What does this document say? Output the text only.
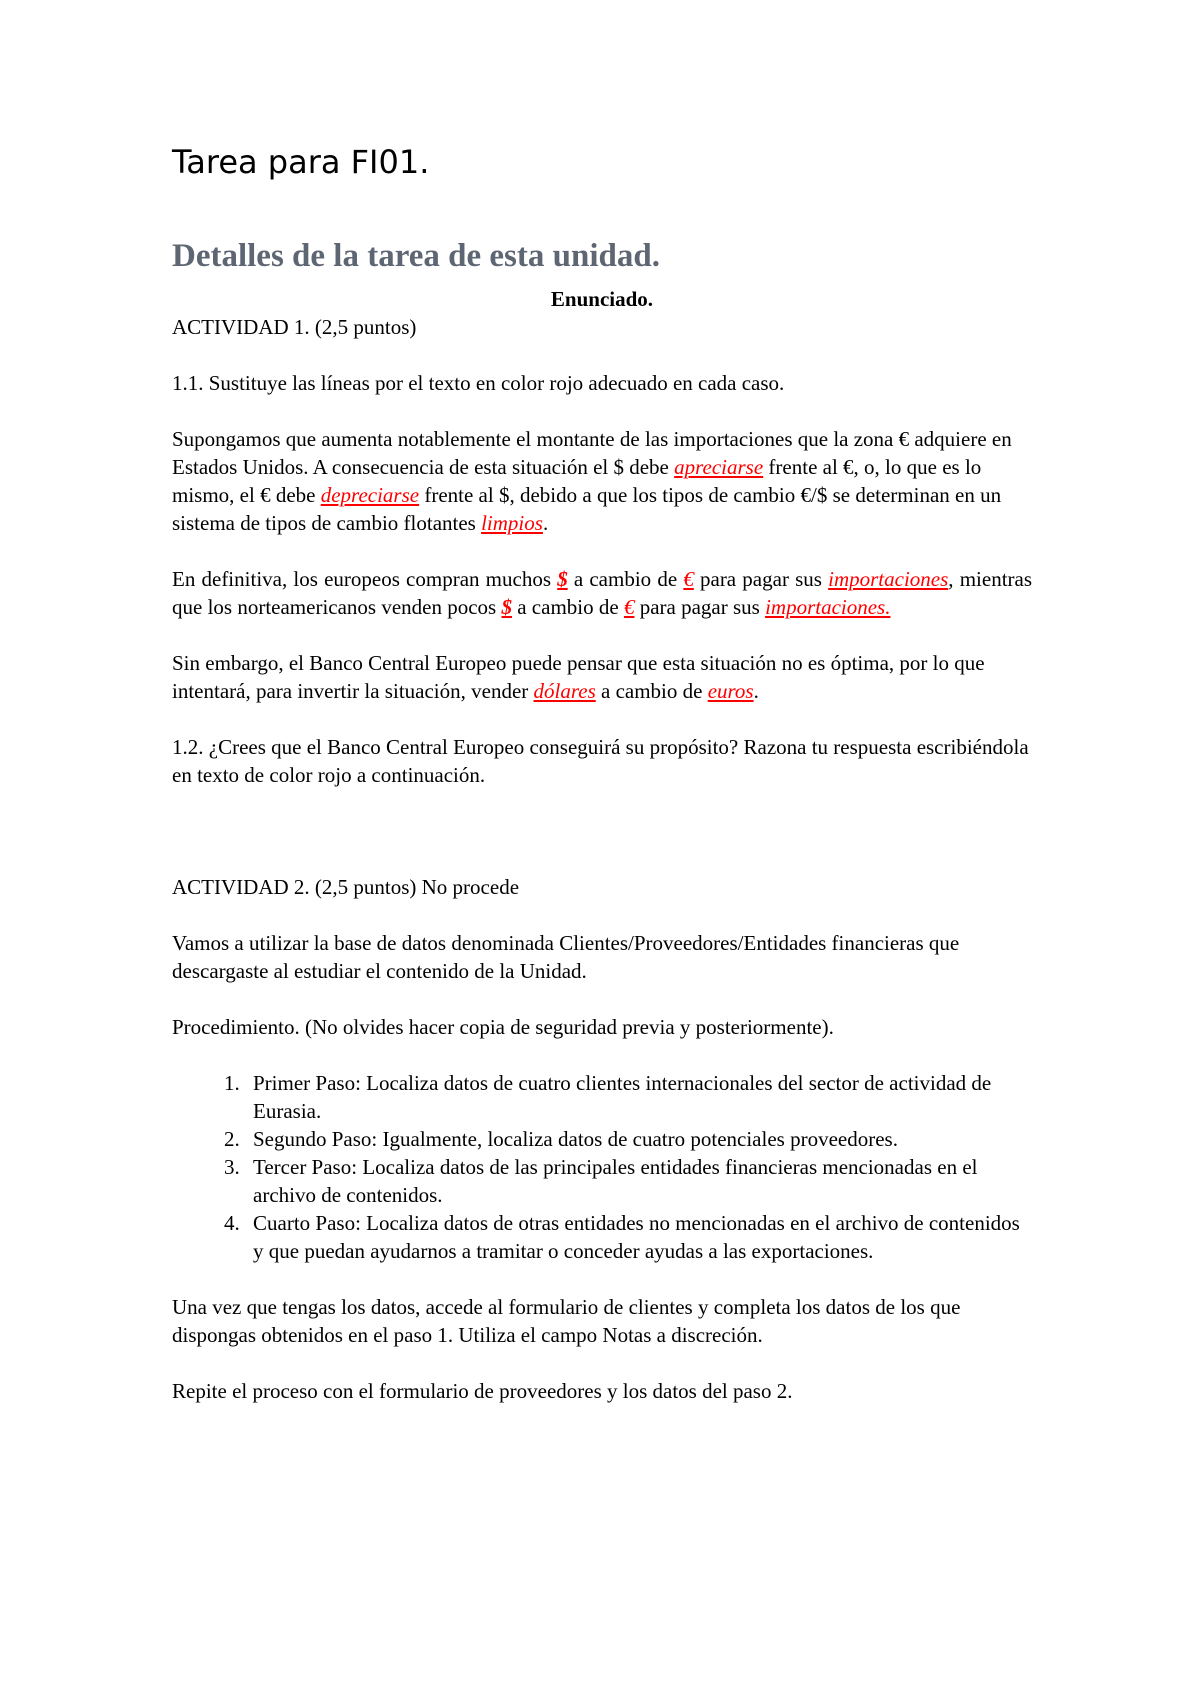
Tarea para FI01.
Detalles de la tarea de esta unidad.

Enunciado.

ACTIVIDAD 1. (2,5 puntos)

1.1. Sustituye las líneas por el texto en color rojo adecuado en cada caso.

Supongamos que aumenta notablemente el montante de las importaciones que la zona € adquiere en Estados Unidos. A consecuencia de esta situación el $ debe apreciarse frente al €, o, lo que es lo mismo, el € debe depreciarse frente al $, debido a que los tipos de cambio €/$ se determinan en un sistema de tipos de cambio flotantes limpios.

En definitiva, los europeos compran muchos $ a cambio de € para pagar sus importaciones, mientras que los norteamericanos venden pocos $ a cambio de € para pagar sus importaciones.

Sin embargo, el Banco Central Europeo puede pensar que esta situación no es óptima, por lo que intentará, para invertir la situación, vender dólares a cambio de euros.

1.2. ¿Crees que el Banco Central Europeo conseguirá su propósito? Razona tu respuesta escribiéndola en texto de color rojo a continuación.

ACTIVIDAD 2. (2,5 puntos) No procede

Vamos a utilizar la base de datos denominada Clientes/Proveedores/Entidades financieras que descargaste al estudiar el contenido de la Unidad.

Procedimiento. (No olvides hacer copia de seguridad previa y posteriormente).

1. Primer Paso: Localiza datos de cuatro clientes internacionales del sector de actividad de Eurasia.
2. Segundo Paso: Igualmente, localiza datos de cuatro potenciales proveedores.
3. Tercer Paso: Localiza datos de las principales entidades financieras mencionadas en el archivo de contenidos.
4. Cuarto Paso: Localiza datos de otras entidades no mencionadas en el archivo de contenidos y que puedan ayudarnos a tramitar o conceder ayudas a las exportaciones.

Una vez que tengas los datos, accede al formulario de clientes y completa los datos de los que dispongas obtenidos en el paso 1. Utiliza el campo Notas a discreción.

Repite el proceso con el formulario de proveedores y los datos del paso 2.
